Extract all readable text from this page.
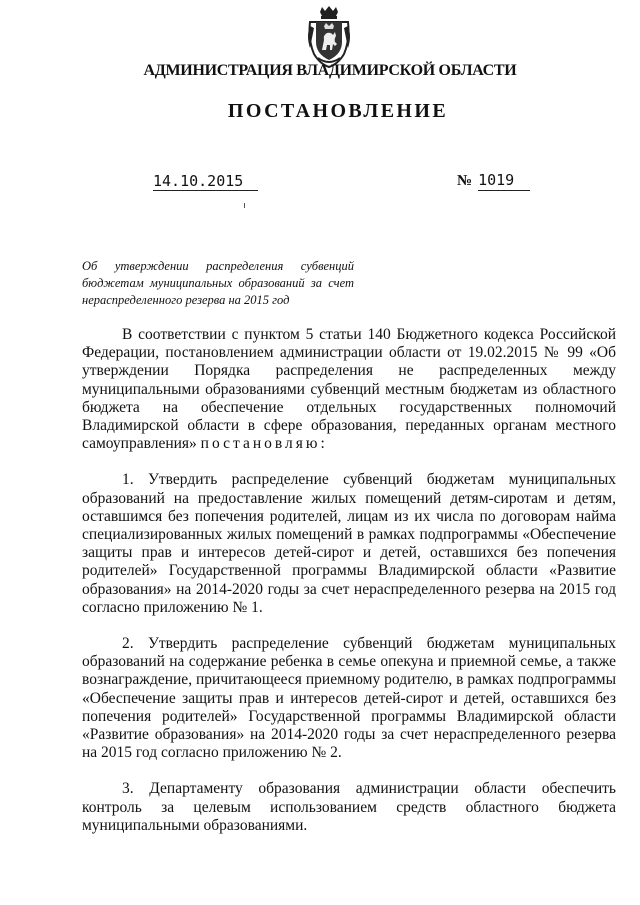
АДМИНИСТРАЦИЯ ВЛАДИМИРСКОЙ ОБЛАСТИ
ПОСТАНОВЛЕНИЕ
14.10.2015	№ 1019
Об утверждении распределения субвенций бюджетам муниципальных образований за счет нераспределенного резерва на 2015 год

В соответствии с пунктом 5 статьи 140 Бюджетного кодекса Российской Федерации, постановлением администрации области от 19.02.2015 № 99 «Об утверждении Порядка распределения не распределенных между муниципальными образованиями субвенций местным бюджетам из областного бюджета на обеспечение отдельных государственных полномочий Владимирской области в сфере образования, переданных органам местного самоуправления» постановляю:

1. Утвердить распределение субвенций бюджетам муниципальных образований на предоставление жилых помещений детям-сиротам и детям, оставшимся без попечения родителей, лицам из их числа по договорам найма специализированных жилых помещений в рамках подпрограммы «Обеспечение защиты прав и интересов детей-сирот и детей, оставшихся без попечения родителей» Государственной программы Владимирской области «Развитие образования» на 2014-2020 годы за счет нераспределенного резерва на 2015 год согласно приложению № 1.

2. Утвердить распределение субвенций бюджетам муниципальных образований на содержание ребенка в семье опекуна и приемной семье, а также вознаграждение, причитающееся приемному родителю, в рамках подпрограммы «Обеспечение защиты прав и интересов детей-сирот и детей, оставшихся без попечения родителей» Государственной программы Владимирской области «Развитие образования» на 2014-2020 годы за счет нераспределенного резерва на 2015 год согласно приложению № 2.

3. Департаменту образования администрации области обеспечить контроль за целевым использованием средств областного бюджета муниципальными образованиями.
